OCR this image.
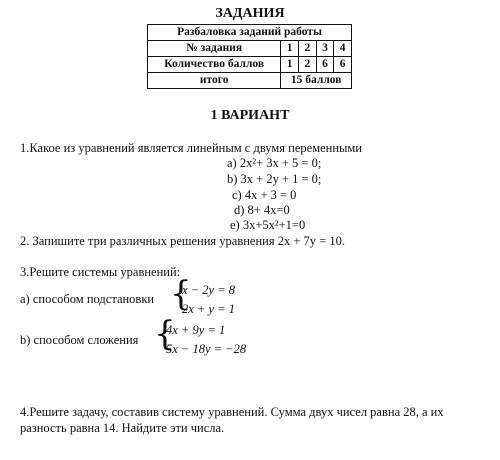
ЗАДАНИЯ
Разбаловка заданий работы				
№ задания	1	2	3	4
Количество баллов	1	2	6	6
итого	15 баллов			
1 ВАРИАНТ
1.Какое из уравнений является линейным с двумя переменными
a) 2x²+ 3x + 5 = 0;
b) 3x + 2y + 1 = 0;
c) 4x + 3 = 0
d) 8+ 4x=0
e) 3x+5x²+1=0
2. Запишите три различных решения уравнения 2x + 7y = 10.
3.Решите системы уравнений:
а) способом подстановки {
x − 2y = 8
2x + y = 1
b) способом сложения {
4x + 9y = 1
5x − 18y = −28
4.Решите задачу, составив систему уравнений. Сумма двух чисел равна 28, а их
разность равна 14. Найдите эти числа.
